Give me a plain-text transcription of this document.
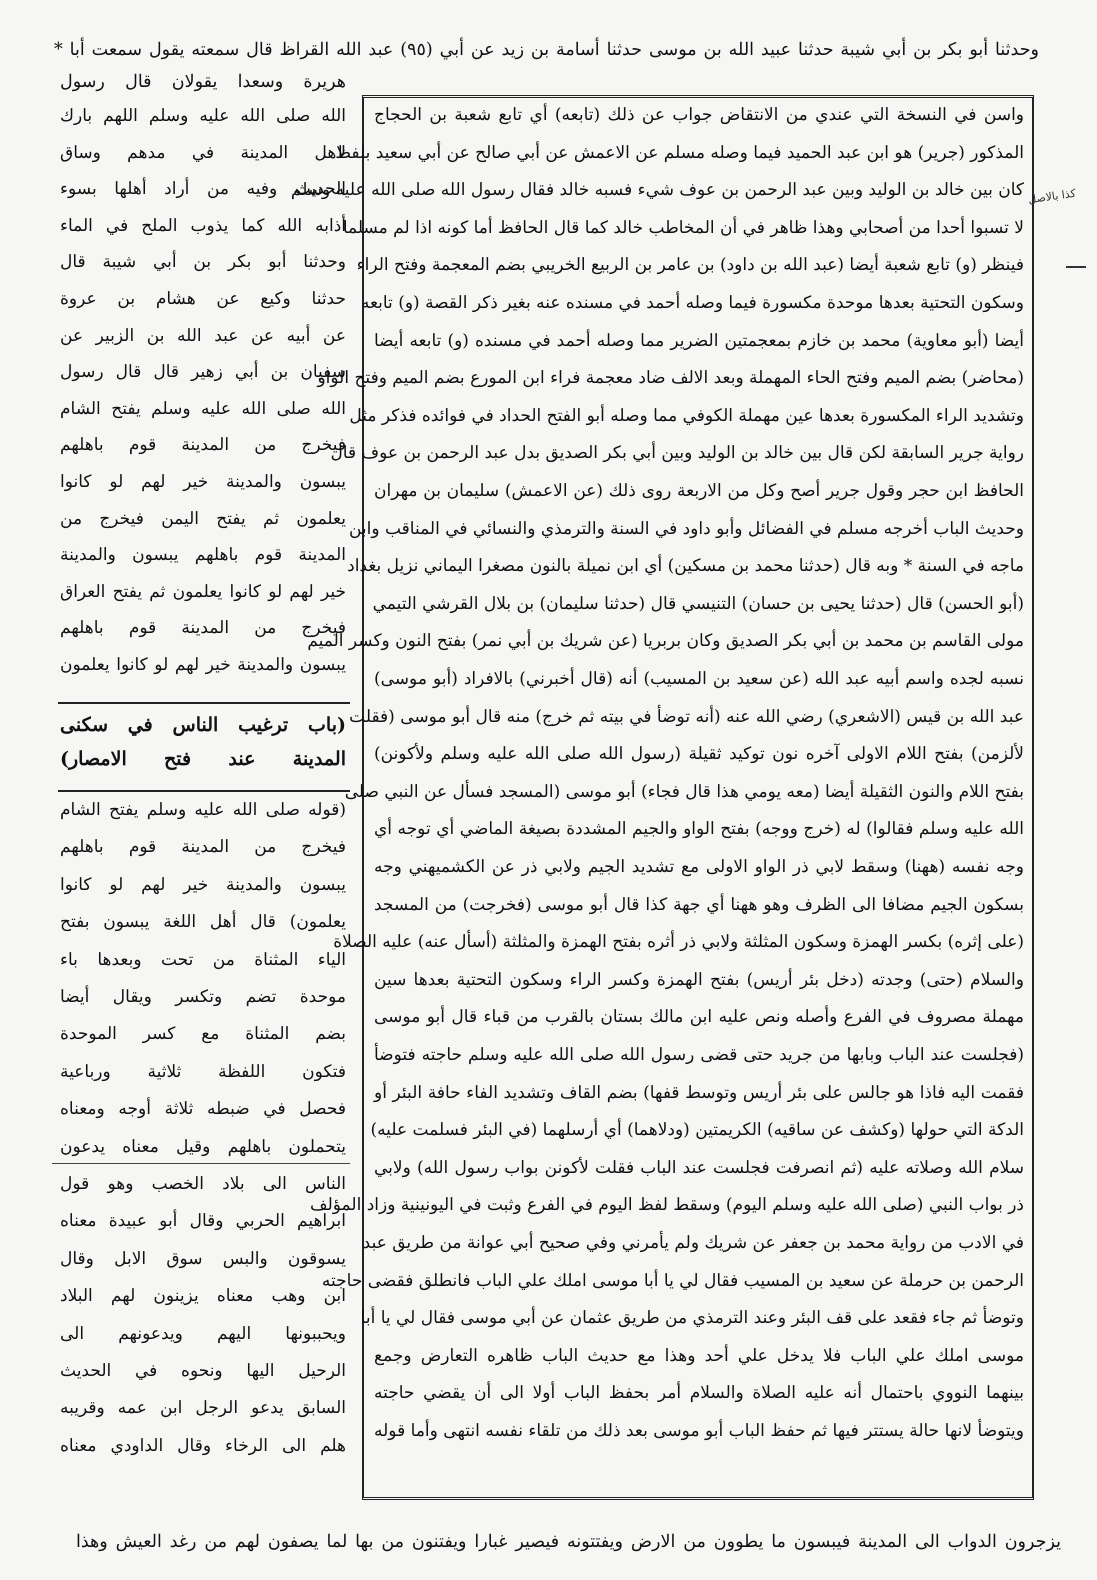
وحدثنا أبو بكر بن أبي شيبة حدثنا عبيد الله بن موسى حدثنا أسامة بن زيد عن أبي (٩٥) عبد الله القراظ قال سمعته يقول سمعت أبا *
هريرة وسعدا يقولان قال رسول
واسن في النسخة التي عندي من الانتقاض جواب عن ذلك (تابعه) أي تابع شعبة بن الحجاج
المذكور (جرير) هو ابن عبد الحميد فيما وصله مسلم عن الاعمش عن أبي صالح عن أبي سعيد بلفظ
كان بين خالد بن الوليد وبين عبد الرحمن بن عوف شيء فسبه خالد فقال رسول الله صلى الله عليه وسلم
لا تسبوا أحدا من أصحابي وهذا ظاهر في أن المخاطب خالد كما قال الحافظ أما كونه اذا لم مسلما
فينظر (و) تابع شعبة أيضا (عبد الله بن داود) بن عامر بن الربيع الخريبي بضم المعجمة وفتح الراء
وسكون التحتية بعدها موحدة مكسورة فيما وصله أحمد في مسنده عنه بغير ذكر القصة (و) تابعه
أيضا (أبو معاوية) محمد بن خازم بمعجمتين الضرير مما وصله أحمد في مسنده (و) تابعه أيضا
(محاضر) بضم الميم وفتح الحاء المهملة وبعد الالف ضاد معجمة فراء ابن المورع بضم الميم وفتح الواو
وتشديد الراء المكسورة بعدها عين مهملة الكوفي مما وصله أبو الفتح الحداد في فوائده فذكر مثل
رواية جرير السابقة لكن قال بين خالد بن الوليد وبين أبي بكر الصديق بدل عبد الرحمن بن عوف قال
الحافظ ابن حجر وقول جرير أصح وكل من الاربعة روى ذلك (عن الاعمش) سليمان بن مهران
وحديث الباب أخرجه مسلم في الفضائل وأبو داود في السنة والترمذي والنسائي في المناقب وابن
ماجه في السنة * وبه قال (حدثنا محمد بن مسكين) أي ابن نميلة بالنون مصغرا اليماني نزيل بغداد
(أبو الحسن) قال (حدثنا يحيى بن حسان) التنيسي قال (حدثنا سليمان) بن بلال القرشي التيمي
مولى القاسم بن محمد بن أبي بكر الصديق وكان بربريا (عن شريك بن أبي نمر) بفتح النون وكسر الميم
نسبه لجده واسم أبيه عبد الله (عن سعيد بن المسيب) أنه (قال أخبرني) بالافراد (أبو موسى)
عبد الله بن قيس (الاشعري) رضي الله عنه (أنه توضأ في بيته ثم خرج) منه قال أبو موسى (فقلت
لألزمن) بفتح اللام الاولى آخره نون توكيد ثقيلة (رسول الله صلى الله عليه وسلم ولأكونن)
بفتح اللام والنون الثقيلة أيضا (معه يومي هذا قال فجاء) أبو موسى (المسجد فسأل عن النبي صلى
الله عليه وسلم فقالوا) له (خرج ووجه) بفتح الواو والجيم المشددة بصيغة الماضي أي توجه أي
وجه نفسه (ههنا) وسقط لابي ذر الواو الاولى مع تشديد الجيم ولابي ذر عن الكشميهني وجه
بسكون الجيم مضافا الى الظرف وهو ههنا أي جهة كذا قال أبو موسى (فخرجت) من المسجد
(على إثره) بكسر الهمزة وسكون المثلثة ولابي ذر أثره بفتح الهمزة والمثلثة (أسأل عنه) عليه الصلاة
والسلام (حتى) وجدته (دخل بئر أريس) بفتح الهمزة وكسر الراء وسكون التحتية بعدها سين
مهملة مصروف في الفرع وأصله ونص عليه ابن مالك بستان بالقرب من قباء قال أبو موسى
(فجلست عند الباب وبابها من جريد حتى قضى رسول الله صلى الله عليه وسلم حاجته فتوضأ
فقمت اليه فاذا هو جالس على بئر أريس وتوسط قفها) بضم القاف وتشديد الفاء حافة البئر أو
الدكة التي حولها (وكشف عن ساقيه) الكريمتين (ودلاهما) أي أرسلهما (في البئر فسلمت عليه)
سلام الله وصلاته عليه (ثم انصرفت فجلست عند الباب فقلت لأكونن بواب رسول الله) ولابي
ذر بواب النبي (صلى الله عليه وسلم اليوم) وسقط لفظ اليوم في الفرع وثبت في اليونينية وزاد المؤلف
في الادب من رواية محمد بن جعفر عن شريك ولم يأمرني وفي صحيح أبي عوانة من طريق عبد
الرحمن بن حرملة عن سعيد بن المسيب فقال لي يا أبا موسى املك علي الباب فانطلق فقضى حاجته
وتوضأ ثم جاء فقعد على قف البئر وعند الترمذي من طريق عثمان عن أبي موسى فقال لي يا أبا
موسى املك علي الباب فلا يدخل علي أحد وهذا مع حديث الباب ظاهره التعارض وجمع
بينهما النووي باحتمال أنه عليه الصلاة والسلام أمر بحفظ الباب أولا الى أن يقضي حاجته
ويتوضأ لانها حالة يستتر فيها ثم حفظ الباب أبو موسى بعد ذلك من تلقاء نفسه انتهى وأما قوله
الله صلى الله عليه وسلم اللهم بارك
لاهل المدينة في مدهم وساق
الحديث وفيه من أراد أهلها بسوء
أذابه الله كما يذوب الملح في الماء
وحدثنا أبو بكر بن أبي شيبة قال
حدثنا وكيع عن هشام بن عروة
عن أبيه عن عبد الله بن الزبير عن
سفيان بن أبي زهير قال قال رسول
الله صلى الله عليه وسلم يفتح الشام
فيخرج من المدينة قوم باهلهم
يبسون والمدينة خير لهم لو كانوا
يعلمون ثم يفتح اليمن فيخرج من
المدينة قوم باهلهم يبسون والمدينة
خير لهم لو كانوا يعلمون ثم يفتح العراق
فيخرج من المدينة قوم باهلهم
يبسون والمدينة خير لهم لو كانوا يعلمون
(باب ترغيب الناس في سكنى
المدينة عند فتح الامصار)
(قوله صلى الله عليه وسلم يفتح الشام
فيخرج من المدينة قوم باهلهم
يبسون والمدينة خير لهم لو كانوا
يعلمون) قال أهل اللغة يبسون بفتح
الياء المثناة من تحت وبعدها باء
موحدة تضم وتكسر ويقال أيضا
بضم المثناة مع كسر الموحدة
فتكون اللفظة ثلاثية ورباعية
فحصل في ضبطه ثلاثة أوجه ومعناه
يتحملون باهلهم وقيل معناه يدعون
الناس الى بلاد الخصب وهو قول
ابراهيم الحربي وقال أبو عبيدة معناه
يسوقون والبس سوق الابل وقال
ابن وهب معناه يزينون لهم البلاد
ويحببونها اليهم ويدعونهم الى
الرحيل اليها ونحوه في الحديث
السابق يدعو الرجل ابن عمه وقريبه
هلم الى الرخاء وقال الداودي معناه
يزجرون الدواب الى المدينة فيبسون ما يطوون من الارض ويفتتونه فيصير غبارا ويفتنون من بها لما يصفون لهم من رغد العيش وهذا
كذا بالاصل
